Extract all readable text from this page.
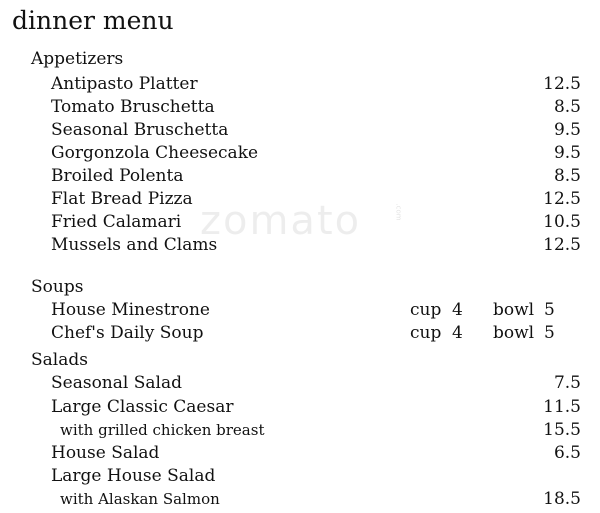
dinner menu
zomato	.com
Appetizers
Antipasto Platter	12.5
Tomato Bruschetta	8.5
Seasonal Bruschetta	9.5
Gorgonzola Cheesecake	9.5
Broiled Polenta	8.5
Flat Bread Pizza	12.5
Fried Calamari	10.5
Mussels and Clams	12.5
Soups
House Minestrone	cup 4 bowl 5
Chef's Daily Soup	cup 4 bowl 5
Salads
Seasonal Salad	7.5
Large Classic Caesar	11.5
with grilled chicken breast	15.5
House Salad	6.5
Large House Salad
with Alaskan Salmon	18.5
